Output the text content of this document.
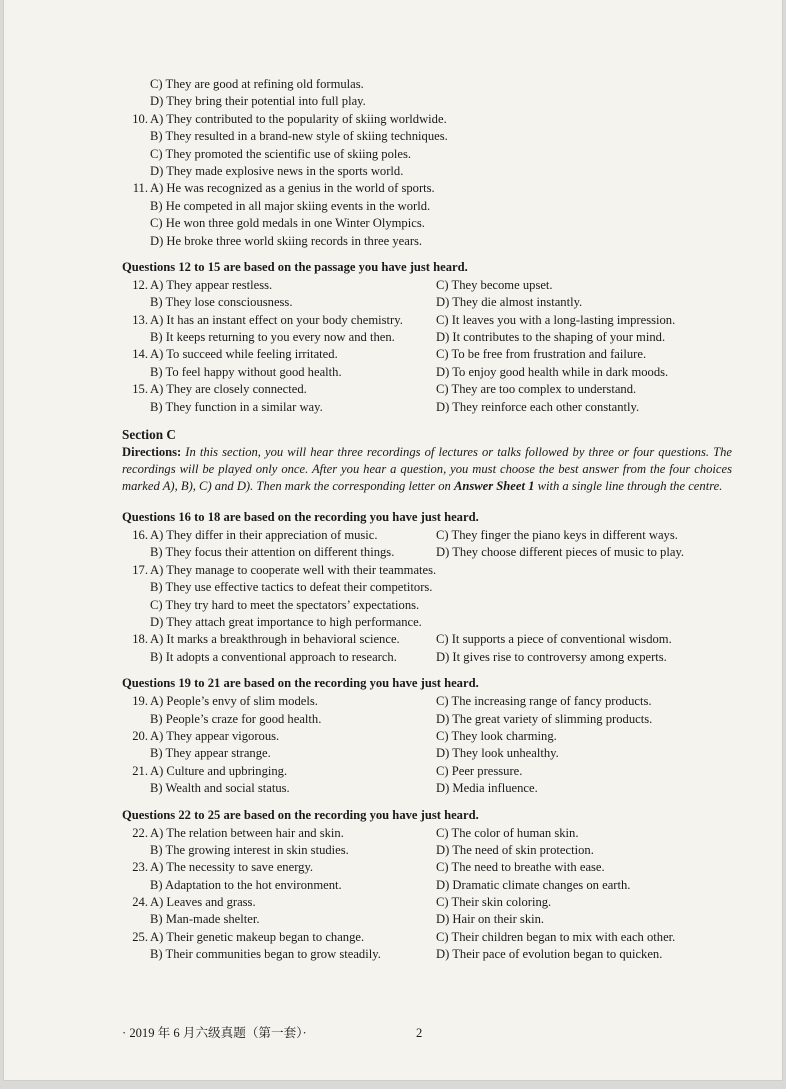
C) They are good at refining old formulas.
D) They bring their potential into full play.
10. A) They contributed to the popularity of skiing worldwide.
B) They resulted in a brand-new style of skiing techniques.
C) They promoted the scientific use of skiing poles.
D) They made explosive news in the sports world.
11. A) He was recognized as a genius in the world of sports.
B) He competed in all major skiing events in the world.
C) He won three gold medals in one Winter Olympics.
D) He broke three world skiing records in three years.
Questions 12 to 15 are based on the passage you have just heard.
12. A) They appear restless.	C) They become upset.
B) They lose consciousness.	D) They die almost instantly.
13. A) It has an instant effect on your body chemistry.	C) It leaves you with a long-lasting impression.
B) It keeps returning to you every now and then.	D) It contributes to the shaping of your mind.
14. A) To succeed while feeling irritated.	C) To be free from frustration and failure.
B) To feel happy without good health.	D) To enjoy good health while in dark moods.
15. A) They are closely connected.	C) They are too complex to understand.
B) They function in a similar way.	D) They reinforce each other constantly.
Section C
Directions: In this section, you will hear three recordings of lectures or talks followed by three or four questions. The recordings will be played only once. After you hear a question, you must choose the best answer from the four choices marked A), B), C) and D). Then mark the corresponding letter on Answer Sheet 1 with a single line through the centre.
Questions 16 to 18 are based on the recording you have just heard.
16. A) They differ in their appreciation of music.	C) They finger the piano keys in different ways.
B) They focus their attention on different things.	D) They choose different pieces of music to play.
17. A) They manage to cooperate well with their teammates.
B) They use effective tactics to defeat their competitors.
C) They try hard to meet the spectators’ expectations.
D) They attach great importance to high performance.
18. A) It marks a breakthrough in behavioral science.	C) It supports a piece of conventional wisdom.
B) It adopts a conventional approach to research.	D) It gives rise to controversy among experts.
Questions 19 to 21 are based on the recording you have just heard.
19. A) People’s envy of slim models.	C) The increasing range of fancy products.
B) People’s craze for good health.	D) The great variety of slimming products.
20. A) They appear vigorous.	C) They look charming.
B) They appear strange.	D) They look unhealthy.
21. A) Culture and upbringing.	C) Peer pressure.
B) Wealth and social status.	D) Media influence.
Questions 22 to 25 are based on the recording you have just heard.
22. A) The relation between hair and skin.	C) The color of human skin.
B) The growing interest in skin studies.	D) The need of skin protection.
23. A) The necessity to save energy.	C) The need to breathe with ease.
B) Adaptation to the hot environment.	D) Dramatic climate changes on earth.
24. A) Leaves and grass.	C) Their skin coloring.
B) Man-made shelter.	D) Hair on their skin.
25. A) Their genetic makeup began to change.	C) Their children began to mix with each other.
B) Their communities began to grow steadily.	D) Their pace of evolution began to quicken.
· 2019 年 6 月六级真题（第一套）·	2
